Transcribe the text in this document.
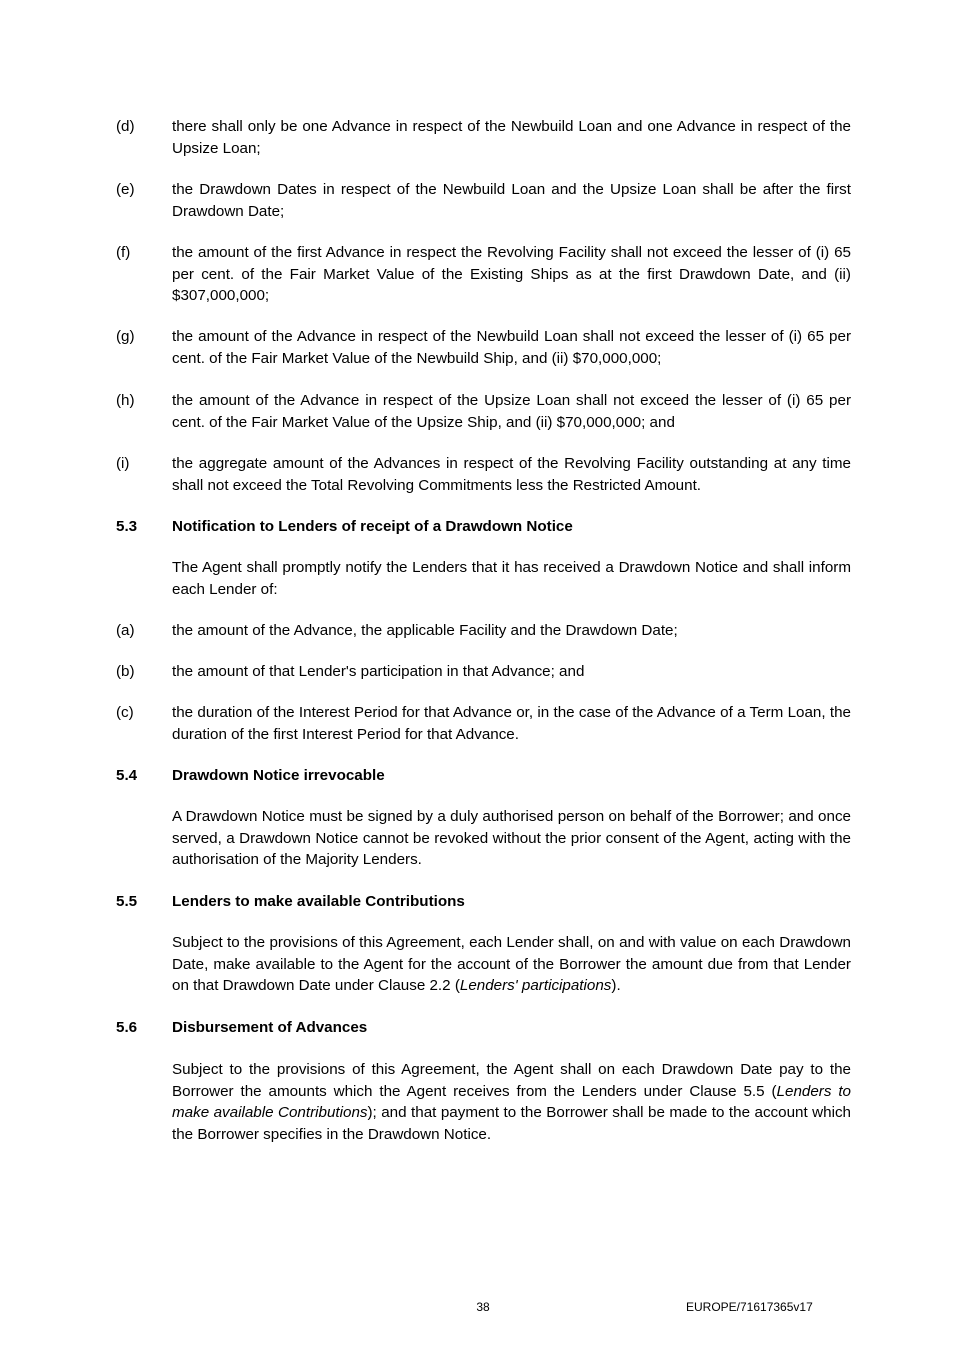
(d)	there shall only be one Advance in respect of the Newbuild Loan and one Advance in respect of the Upsize Loan;
(e)	the Drawdown Dates in respect of the Newbuild Loan and the Upsize Loan shall be after the first Drawdown Date;
(f)	the amount of the first Advance in respect the Revolving Facility shall not exceed the lesser of (i) 65 per cent. of the Fair Market Value of the Existing Ships as at the first Drawdown Date, and (ii) $307,000,000;
(g)	the amount of the Advance in respect of the Newbuild Loan shall not exceed the lesser of (i) 65 per cent. of the Fair Market Value of the Newbuild Ship, and (ii) $70,000,000;
(h)	the amount of the Advance in respect of the Upsize Loan shall not exceed the lesser of (i) 65 per cent. of the Fair Market Value of the Upsize Ship, and (ii) $70,000,000; and
(i)	the aggregate amount of the Advances in respect of the Revolving Facility outstanding at any time shall not exceed the Total Revolving Commitments less the Restricted Amount.
5.3	Notification to Lenders of receipt of a Drawdown Notice
The Agent shall promptly notify the Lenders that it has received a Drawdown Notice and shall inform each Lender of:
(a)	the amount of the Advance, the applicable Facility and the Drawdown Date;
(b)	the amount of that Lender's participation in that Advance; and
(c)	the duration of the Interest Period for that Advance or, in the case of the Advance of a Term Loan, the duration of the first Interest Period for that Advance.
5.4	Drawdown Notice irrevocable
A Drawdown Notice must be signed by a duly authorised person on behalf of the Borrower; and once served, a Drawdown Notice cannot be revoked without the prior consent of the Agent, acting with the authorisation of the Majority Lenders.
5.5	Lenders to make available Contributions
Subject to the provisions of this Agreement, each Lender shall, on and with value on each Drawdown Date, make available to the Agent for the account of the Borrower the amount due from that Lender on that Drawdown Date under Clause 2.2 (Lenders' participations).
5.6	Disbursement of Advances
Subject to the provisions of this Agreement, the Agent shall on each Drawdown Date pay to the Borrower the amounts which the Agent receives from the Lenders under Clause 5.5 (Lenders to make available Contributions); and that payment to the Borrower shall be made to the account which the Borrower specifies in the Drawdown Notice.
38	EUROPE/71617365v17
